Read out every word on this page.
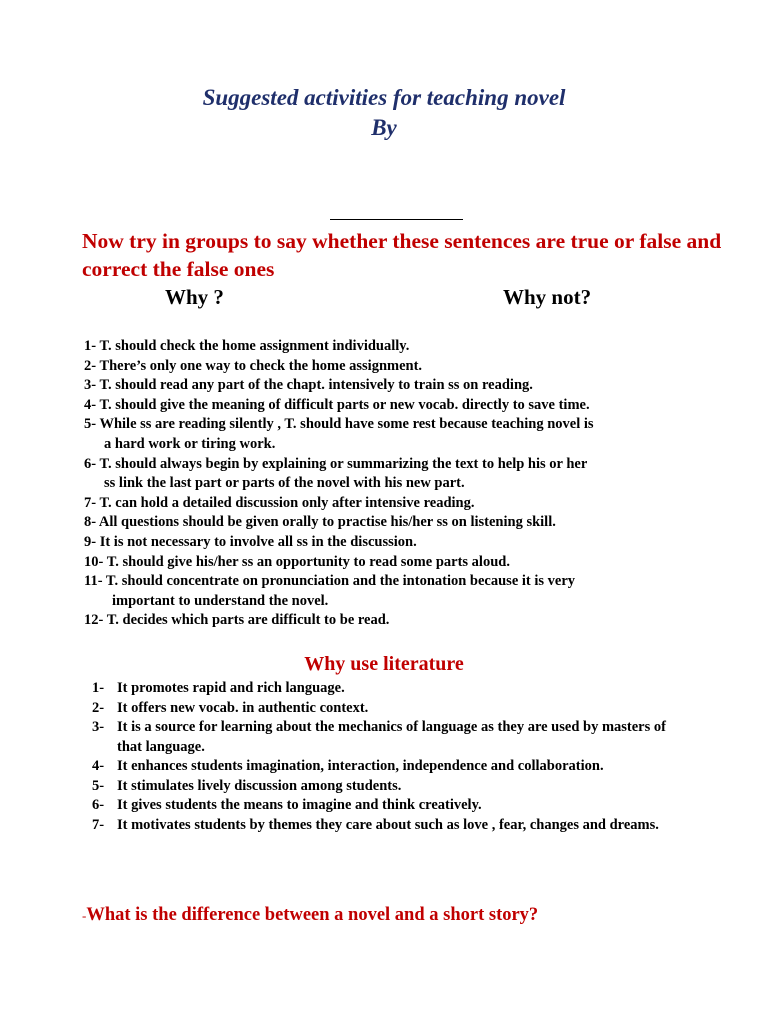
Suggested activities for teaching novel
By
Now try in groups to say whether these sentences are true or false and correct the false ones
Why ?	Why not?
1- T. should check the home assignment individually.
2- There’s only one way to check the home assignment.
3- T. should read any part of the chapt. intensively to train ss on reading.
4- T. should give the meaning of difficult parts or new vocab. directly to save time.
5- While ss are reading silently , T. should have some rest because teaching novel is
a hard work or tiring work.
6- T. should always begin by explaining or summarizing the text to help his or her
ss link the last part or parts of the novel with his new part.
7- T. can hold a detailed discussion only after intensive reading.
8- All questions should be given orally to practise his/her ss on listening skill.
9- It is not necessary to involve all ss in the discussion.
10- T. should give his/her ss an opportunity to read some parts aloud.
11- T. should concentrate on pronunciation and the intonation because it is very
important to understand the novel.
12- T. decides which parts are difficult to be read.
Why use literature
1- It promotes rapid and rich language.
2- It offers new vocab. in authentic context.
3- It is a source for learning about the mechanics of language as they are used by masters of that language.
4- It enhances students imagination, interaction, independence and collaboration.
5- It stimulates lively discussion among students.
6- It gives students the means to imagine and think creatively.
7- It motivates students by themes they care about such as love , fear, changes and dreams.
-What is the difference between a novel and a short story?
